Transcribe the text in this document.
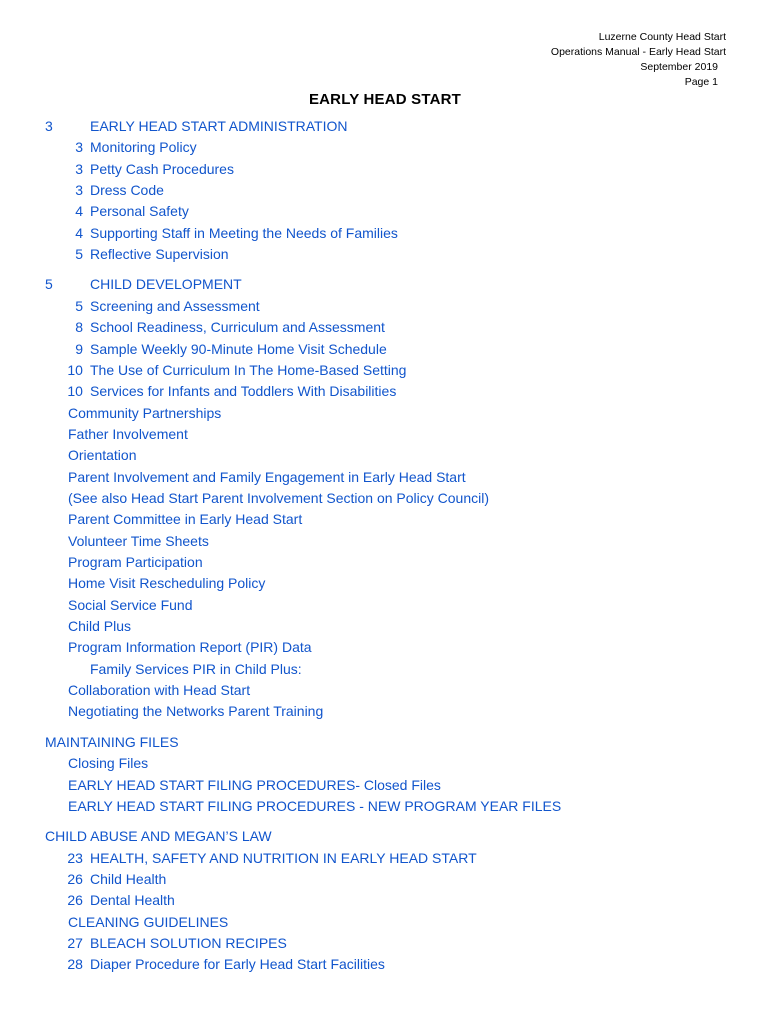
Luzerne County Head Start
Operations Manual - Early Head Start
September 2019
Page 1
EARLY HEAD START
3	EARLY HEAD START ADMINISTRATION
3 Monitoring Policy
3 Petty Cash Procedures
3 Dress Code
4 Personal Safety
4 Supporting Staff in Meeting the Needs of Families
5 Reflective Supervision
5	CHILD DEVELOPMENT
5 Screening and Assessment
8 School Readiness, Curriculum and Assessment
9 Sample Weekly 90-Minute Home Visit Schedule
10 The Use of Curriculum In The Home-Based Setting
10 Services for Infants and Toddlers With Disabilities
Community Partnerships
Father Involvement
Orientation
Parent Involvement and Family Engagement in Early Head Start
(See also Head Start Parent Involvement Section on Policy Council)
Parent Committee in Early Head Start
Volunteer Time Sheets
Program Participation
Home Visit Rescheduling Policy
Social Service Fund
Child Plus
Program Information Report (PIR) Data
Family Services PIR in Child Plus:
Collaboration with Head Start
Negotiating the Networks Parent Training
MAINTAINING FILES
Closing Files
EARLY HEAD START FILING PROCEDURES- Closed Files
EARLY HEAD START FILING PROCEDURES - NEW PROGRAM YEAR FILES
CHILD ABUSE AND MEGAN’S LAW
23 HEALTH, SAFETY AND NUTRITION IN EARLY HEAD START
26 Child Health
26 Dental Health
CLEANING GUIDELINES
27 BLEACH SOLUTION RECIPES
28 Diaper Procedure for Early Head Start Facilities
